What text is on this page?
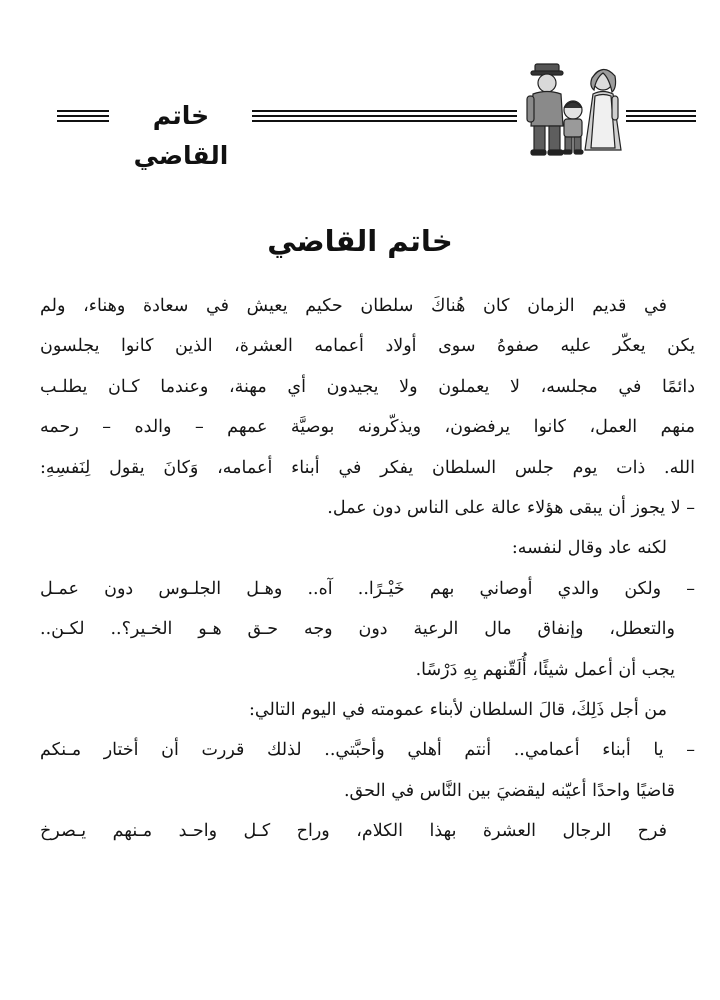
خاتم القاضي
خاتم القاضي
في قديم الزمان كان هُناكَ سلطان حكيم يعيش في سعادة وهناء، ولم
يكن يعكّر عليه صفوهُ سوى أولاد أعمامه العشرة، الذين كانوا يجلسون
دائمًا في مجلسه، لا يعملون ولا يجيدون أي مهنة، وعندما كـان يطلـب
منهم العمل، كانوا يرفضون، ويذكّرونه بوصيَّة عمهم – والده – رحمه
الله. ذات يوم جلس السلطان يفكر في أبناء أعمامه، وَكانَ يقول لِنَفسِهِ:
– لا يجوز أن يبقى هؤلاء عالة على الناس دون عمل.
لكنه عاد وقال لنفسه:
– ولكن والدي أوصاني بهم خَيْـرًا.. آه.. وهـل الجلـوس دون عمـل
والتعطل، وإنفاق مال الرعية دون وجه حـق هـو الخـير؟.. لكـن..
يجب أن أعمل شيئًا، أُلَقّنهم بِهِ دَرْسًا.
من أجل ذَلِكَ، قالَ السلطان لأبناء عمومته في اليوم التالي:
– يا أبناء أعمامي.. أنتم أهلي وأحبَّتي.. لذلك قررت أن أختار مـنكم
قاضيًا واحدًا أعيّنه ليقضيَ بين النَّاس في الحق.
فرح الرجال العشرة بهذا الكلام، وراح كـل واحـد مـنهم يـصرخ
